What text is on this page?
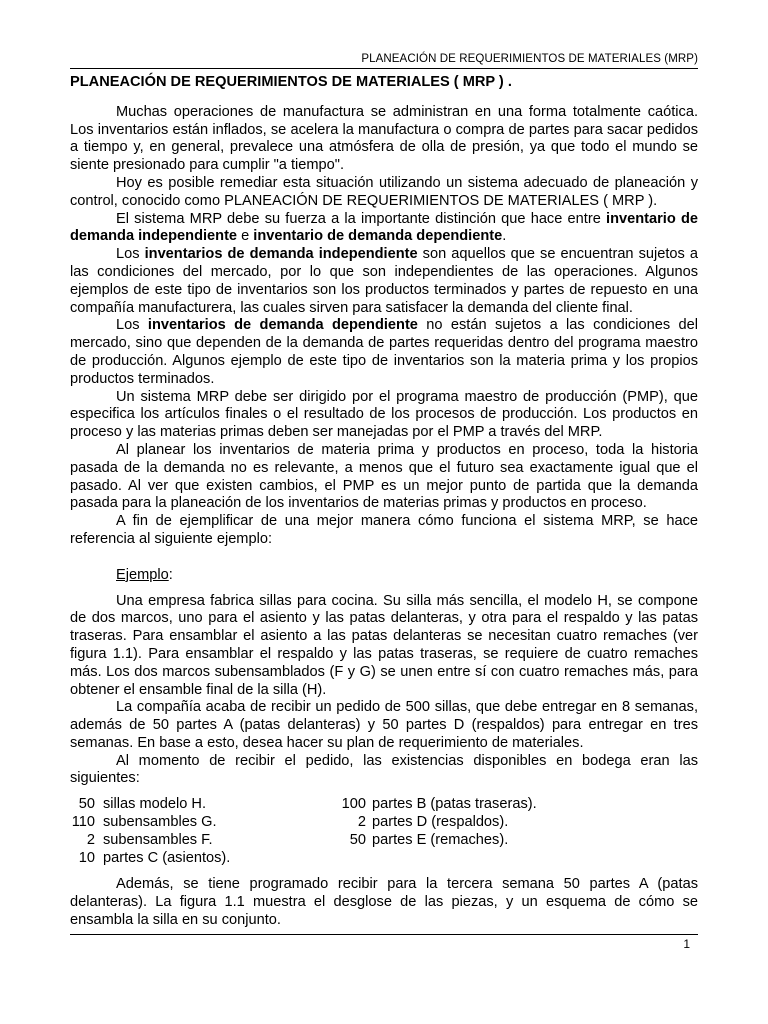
PLANEACIÓN DE REQUERIMIENTOS DE MATERIALES (MRP)
PLANEACIÓN DE REQUERIMIENTOS DE MATERIALES ( MRP ) .

Muchas operaciones de manufactura se administran en una forma totalmente caótica. Los inventarios están inflados, se acelera la manufactura o compra de partes para sacar pedidos a tiempo y, en general, prevalece una atmósfera de olla de presión, ya que todo el mundo se siente presionado para cumplir "a tiempo".

Hoy es posible remediar esta situación utilizando un sistema adecuado de planeación y control, conocido como PLANEACIÓN DE REQUERIMIENTOS DE MATERIALES ( MRP ).

El sistema MRP debe su fuerza a la importante distinción que hace entre inventario de demanda independiente e inventario de demanda dependiente.

Los inventarios de demanda independiente son aquellos que se encuentran sujetos a las condiciones del mercado, por lo que son independientes de las operaciones. Algunos ejemplos de este tipo de inventarios son los productos terminados y partes de repuesto en una compañía manufacturera, las cuales sirven para satisfacer la demanda del cliente final.

Los inventarios de demanda dependiente no están sujetos a las condiciones del mercado, sino que dependen de la demanda de partes requeridas dentro del programa maestro de producción. Algunos ejemplo de este tipo de inventarios son la materia prima y los propios productos terminados.

Un sistema MRP debe ser dirigido por el programa maestro de producción (PMP), que especifica los artículos finales o el resultado de los procesos de producción. Los productos en proceso y las materias primas deben ser manejadas por el PMP a través del MRP.

Al planear los inventarios de materia prima y productos en proceso, toda la historia pasada de la demanda no es relevante, a menos que el futuro sea exactamente igual que el pasado. Al ver que existen cambios, el PMP es un mejor punto de partida que la demanda pasada para la planeación de los inventarios de materias primas y productos en proceso.

A fin de ejemplificar de una mejor manera cómo funciona el sistema MRP, se hace referencia al siguiente ejemplo:

Ejemplo:

Una empresa fabrica sillas para cocina. Su silla más sencilla, el modelo H, se compone de dos marcos, uno para el asiento y las patas delanteras, y otra para el respaldo y las patas traseras. Para ensamblar el asiento a las patas delanteras se necesitan cuatro remaches (ver figura 1.1). Para ensamblar el respaldo y las patas traseras, se requiere de cuatro remaches más. Los dos marcos subensamblados (F y G) se unen entre sí con cuatro remaches más, para obtener el ensamble final de la silla (H).

La compañía acaba de recibir un pedido de 500 sillas, que debe entregar en 8 semanas, además de 50 partes A (patas delanteras) y 50 partes D (respaldos) para entregar en tres semanas. En base a esto, desea hacer su plan de requerimiento de materiales.

Al momento de recibir el pedido, las existencias disponibles en bodega eran las siguientes:

50 sillas modelo H.
110 subensambles G.
2 subensambles F.
10 partes C (asientos).
100 partes B (patas traseras).
2 partes D (respaldos).
50 partes E (remaches).

Además, se tiene programado recibir para la tercera semana 50 partes A (patas delanteras). La figura 1.1 muestra el desglose de las piezas, y un esquema de cómo se ensambla la silla en su conjunto.

1
